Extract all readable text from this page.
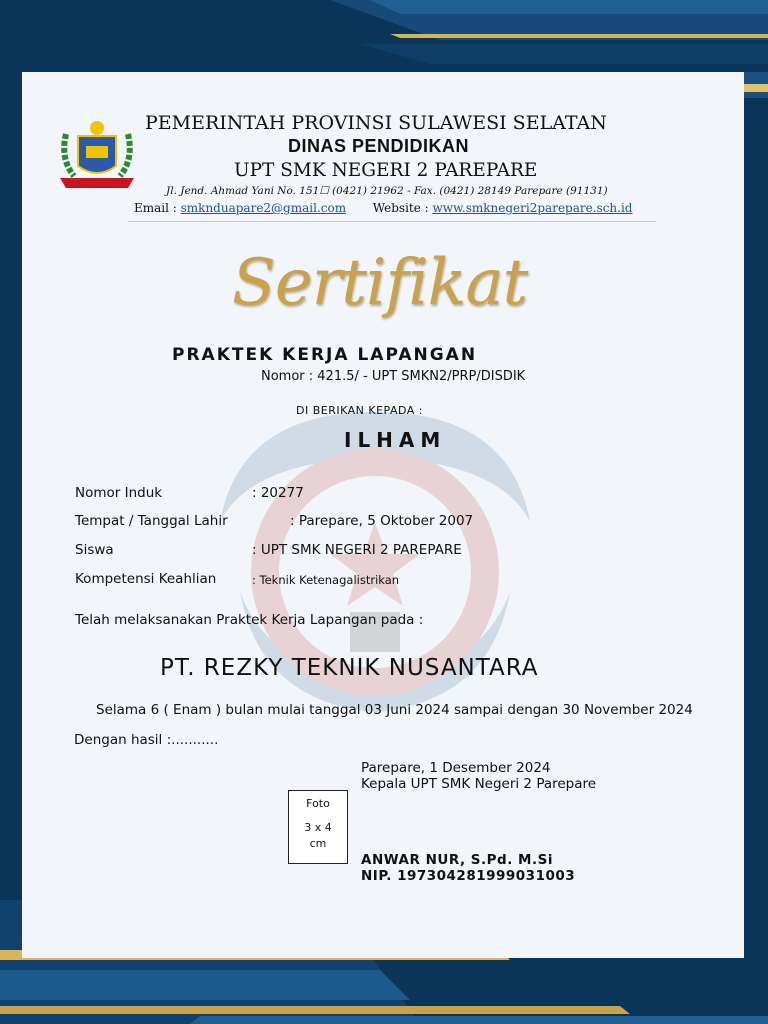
PEMERINTAH PROVINSI SULAWESI SELATAN
DINAS PENDIDIKAN
UPT SMK NEGERI 2 PAREPARE
Jl. Jend. Ahmad Yani No. 151☐ (0421) 21962 - Fax. (0421) 28149 Parepare (91131)
Email : smknduapare2@gmail.com Website : www.smknegeri2parepare.sch.id
Sertifikat
PRAKTEK KERJA LAPANGAN
Nomor : 421.5/ - UPT SMKN2/PRP/DISDIK
DI BERIKAN KEPADA :
ILHAM
Nomor Induk	: 20277
Tempat / Tanggal Lahir	: Parepare, 5 Oktober 2007
Siswa	: UPT SMK NEGERI 2 PAREPARE
Kompetensi Keahlian	: Teknik Ketenagalistrikan
Telah melaksanakan Praktek Kerja Lapangan pada :
PT. REZKY TEKNIK NUSANTARA
Selama 6 ( Enam ) bulan mulai tanggal 03 Juni 2024 sampai dengan 30 November 2024
Dengan hasil :...........
Parepare, 1 Desember 2024
Kepala UPT SMK Negeri 2 Parepare
Foto
3 x 4
cm
ANWAR NUR, S.Pd. M.Si
NIP. 197304281999031003
